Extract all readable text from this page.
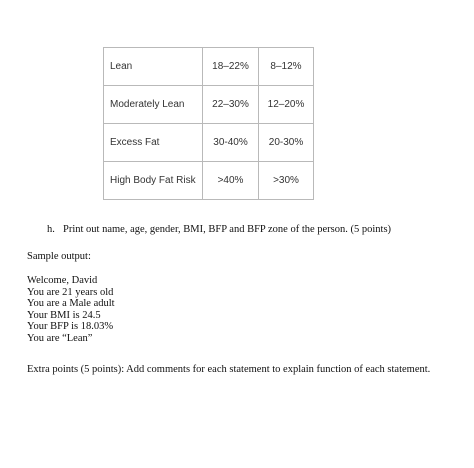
Lean	18–22%	8–12%
Moderately Lean	22–30%	12–20%
Excess Fat	30-40%	20-30%
High Body Fat Risk	>40%	>30%
h. Print out name, age, gender, BMI, BFP and BFP zone of the person. (5 points)
Sample output:
Welcome, David
You are 21 years old
You are a Male adult
Your BMI is 24.5
Your BFP is 18.03%
You are “Lean”
Extra points (5 points): Add comments for each statement to explain function of each statement.
